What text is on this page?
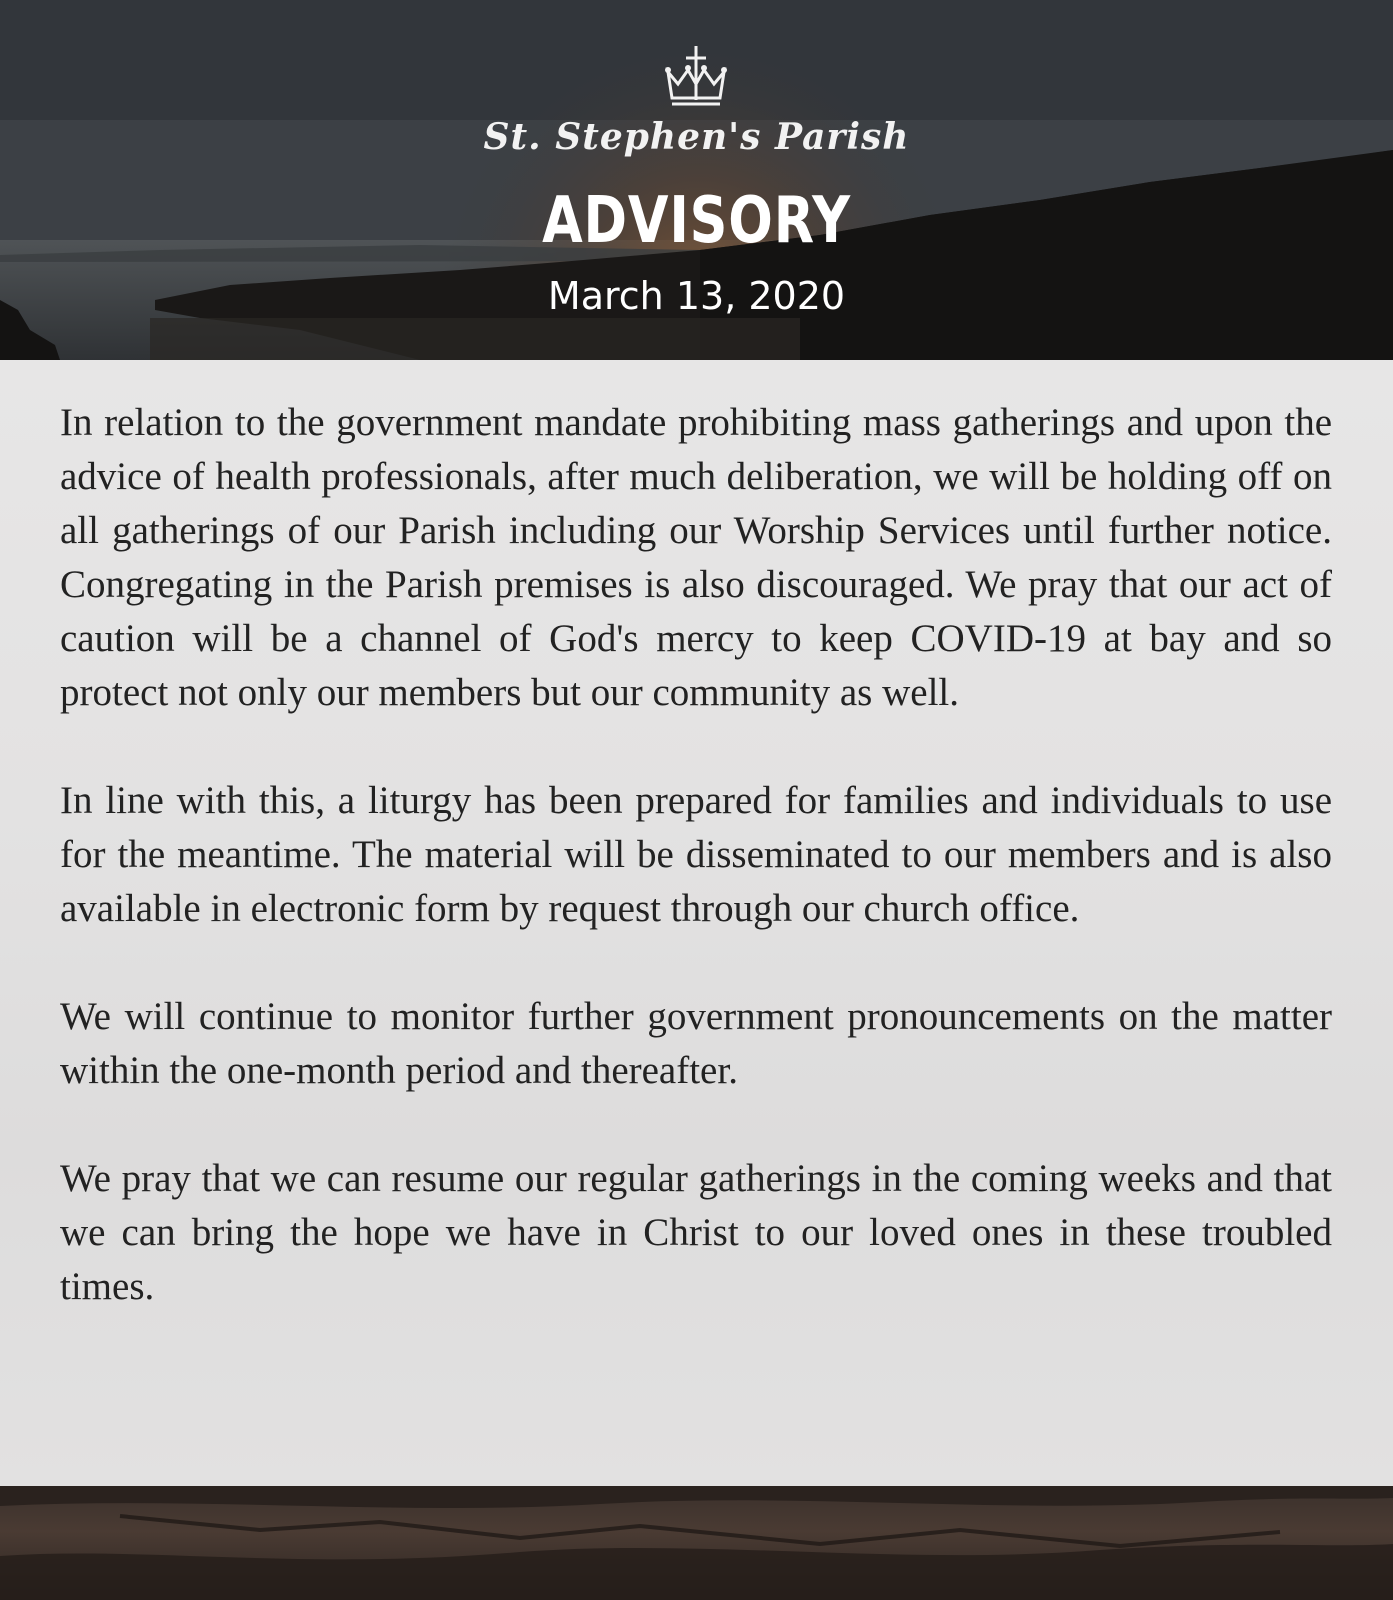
St. Stephen's Parish
ADVISORY
March 13, 2020

In relation to the government mandate prohibiting mass gatherings and upon the advice of health professionals, after much deliberation, we will be holding off on all gatherings of our Parish including our Worship Services until further notice. Congregating in the Parish premises is also discouraged. We pray that our act of caution will be a channel of God's mercy to keep COVID-19 at bay and so protect not only our members but our community as well.

In line with this, a liturgy has been prepared for families and individuals to use for the meantime. The material will be disseminated to our members and is also available in electronic form by request through our church office.

We will continue to monitor further government pronouncements on the matter within the one-month period and thereafter.

We pray that we can resume our regular gatherings in the coming weeks and that we can bring the hope we have in Christ to our loved ones in these troubled times.
